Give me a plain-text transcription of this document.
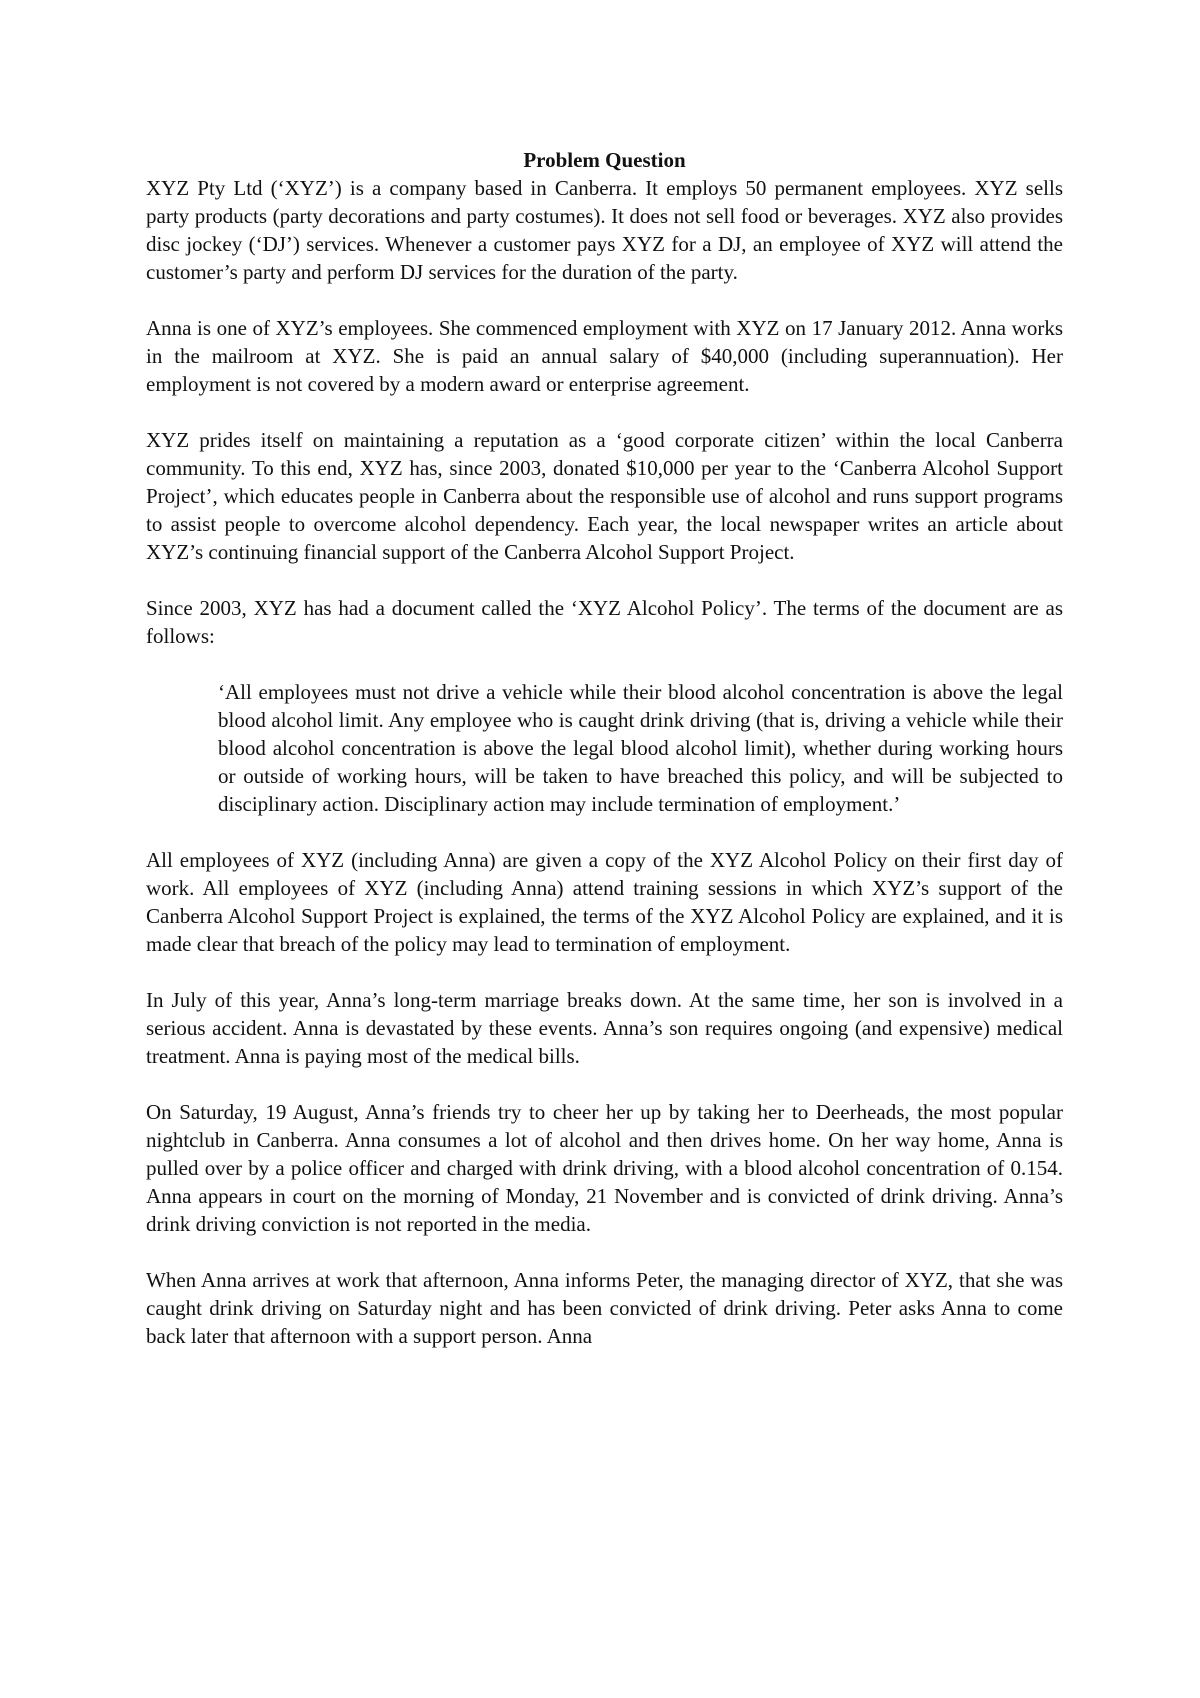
Problem Question

XYZ Pty Ltd (‘XYZ’) is a company based in Canberra. It employs 50 permanent employees. XYZ sells party products (party decorations and party costumes). It does not sell food or beverages. XYZ also provides disc jockey (‘DJ’) services. Whenever a customer pays XYZ for a DJ, an employee of XYZ will attend the customer’s party and perform DJ services for the duration of the party.

Anna is one of XYZ’s employees. She commenced employment with XYZ on 17 January 2012. Anna works in the mailroom at XYZ. She is paid an annual salary of $40,000 (including superannuation). Her employment is not covered by a modern award or enterprise agreement.

XYZ prides itself on maintaining a reputation as a ‘good corporate citizen’ within the local Canberra community. To this end, XYZ has, since 2003, donated $10,000 per year to the ‘Canberra Alcohol Support Project’, which educates people in Canberra about the responsible use of alcohol and runs support programs to assist people to overcome alcohol dependency. Each year, the local newspaper writes an article about XYZ’s continuing financial support of the Canberra Alcohol Support Project.

Since 2003, XYZ has had a document called the ‘XYZ Alcohol Policy’. The terms of the document are as follows:

‘All employees must not drive a vehicle while their blood alcohol concentration is above the legal blood alcohol limit. Any employee who is caught drink driving (that is, driving a vehicle while their blood alcohol concentration is above the legal blood alcohol limit), whether during working hours or outside of working hours, will be taken to have breached this policy, and will be subjected to disciplinary action. Disciplinary action may include termination of employment.’

All employees of XYZ (including Anna) are given a copy of the XYZ Alcohol Policy on their first day of work. All employees of XYZ (including Anna) attend training sessions in which XYZ’s support of the Canberra Alcohol Support Project is explained, the terms of the XYZ Alcohol Policy are explained, and it is made clear that breach of the policy may lead to termination of employment.

In July of this year, Anna’s long-term marriage breaks down. At the same time, her son is involved in a serious accident. Anna is devastated by these events. Anna’s son requires ongoing (and expensive) medical treatment. Anna is paying most of the medical bills.

On Saturday, 19 August, Anna’s friends try to cheer her up by taking her to Deerheads, the most popular nightclub in Canberra. Anna consumes a lot of alcohol and then drives home. On her way home, Anna is pulled over by a police officer and charged with drink driving, with a blood alcohol concentration of 0.154. Anna appears in court on the morning of Monday, 21 November and is convicted of drink driving. Anna’s drink driving conviction is not reported in the media.

When Anna arrives at work that afternoon, Anna informs Peter, the managing director of XYZ, that she was caught drink driving on Saturday night and has been convicted of drink driving. Peter asks Anna to come back later that afternoon with a support person. Anna
